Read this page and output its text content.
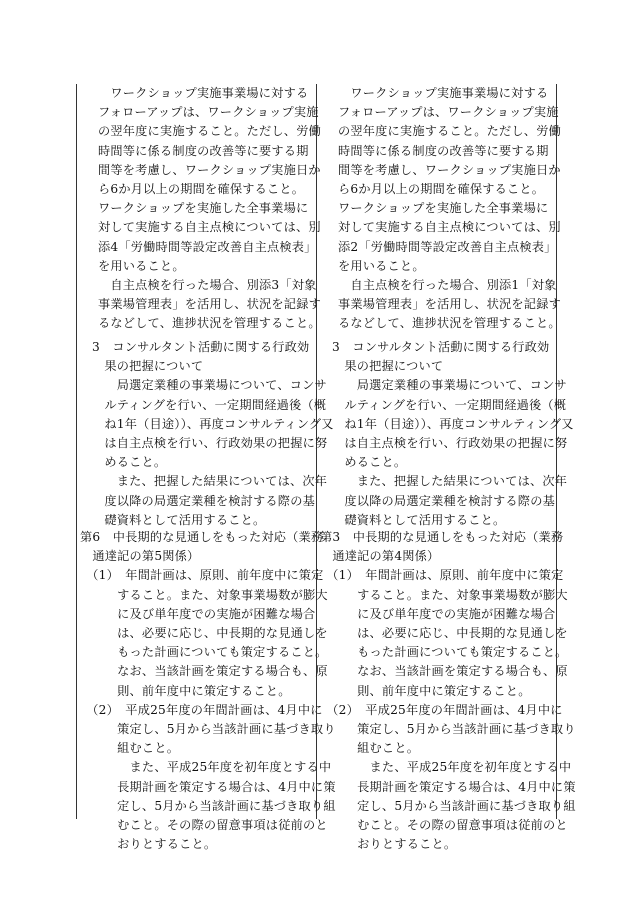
　ワークショップ実施事業場に対する
フォローアップは、ワークショップ実施
の翌年度に実施すること。ただし、労働
時間等に係る制度の改善等に要する期
間等を考慮し、ワークショップ実施日か
ら6か月以上の期間を確保すること。
ワークショップを実施した全事業場に
対して実施する自主点検については、別
添4「労働時間等設定改善自主点検表」
を用いること。
　自主点検を行った場合、別添3「対象
事業場管理表」を活用し、状況を記録す
るなどして、進捗状況を管理すること。
3　コンサルタント活動に関する行政効
　果の把握について
　　局選定業種の事業場について、コンサ
　ルティングを行い、一定期間経過後（概
　ね1年（目途））、再度コンサルティング又
　は自主点検を行い、行政効果の把握に努
　めること。
　　また、把握した結果については、次年
　度以降の局選定業種を検討する際の基
　礎資料として活用すること。
第6　中長期的な見通しをもった対応（業務
　通達記の第5関係）
　（1）　年間計画は、原則、前年度中に策定
　　　すること。また、対象事業場数が膨大
　　　に及び単年度での実施が困難な場合
　　　は、必要に応じ、中長期的な見通しを
　　　もった計画についても策定すること。
　　　なお、当該計画を策定する場合も、原
　　　則、前年度中に策定すること。
　（2）　平成25年度の年間計画は、4月中に
　　　策定し、5月から当該計画に基づき取り
　　　組むこと。
　　　　また、平成25年度を初年度とする中
　　　長期計画を策定する場合は、4月中に策
　　　定し、5月から当該計画に基づき取り組
　　　むこと。その際の留意事項は従前のと
　　　おりとすること。
　ワークショップ実施事業場に対する
フォローアップは、ワークショップ実施
の翌年度に実施すること。ただし、労働
時間等に係る制度の改善等に要する期
間等を考慮し、ワークショップ実施日か
ら6か月以上の期間を確保すること。
ワークショップを実施した全事業場に
対して実施する自主点検については、別
添2「労働時間等設定改善自主点検表」
を用いること。
　自主点検を行った場合、別添1「対象
事業場管理表」を活用し、状況を記録す
るなどして、進捗状況を管理すること。
3　コンサルタント活動に関する行政効
　果の把握について
　　局選定業種の事業場について、コンサ
　ルティングを行い、一定期間経過後（概
　ね1年（目途））、再度コンサルティング又
　は自主点検を行い、行政効果の把握に努
　めること。
　　また、把握した結果については、次年
　度以降の局選定業種を検討する際の基
　礎資料として活用すること。
第3　中長期的な見通しをもった対応（業務
　通達記の第4関係）
　（1）　年間計画は、原則、前年度中に策定
　　　すること。また、対象事業場数が膨大
　　　に及び単年度での実施が困難な場合
　　　は、必要に応じ、中長期的な見通しを
　　　もった計画についても策定すること。
　　　なお、当該計画を策定する場合も、原
　　　則、前年度中に策定すること。
　（2）　平成25年度の年間計画は、4月中に
　　　策定し、5月から当該計画に基づき取り
　　　組むこと。
　　　　また、平成25年度を初年度とする中
　　　長期計画を策定する場合は、4月中に策
　　　定し、5月から当該計画に基づき取り組
　　　むこと。その際の留意事項は従前のと
　　　おりとすること。
